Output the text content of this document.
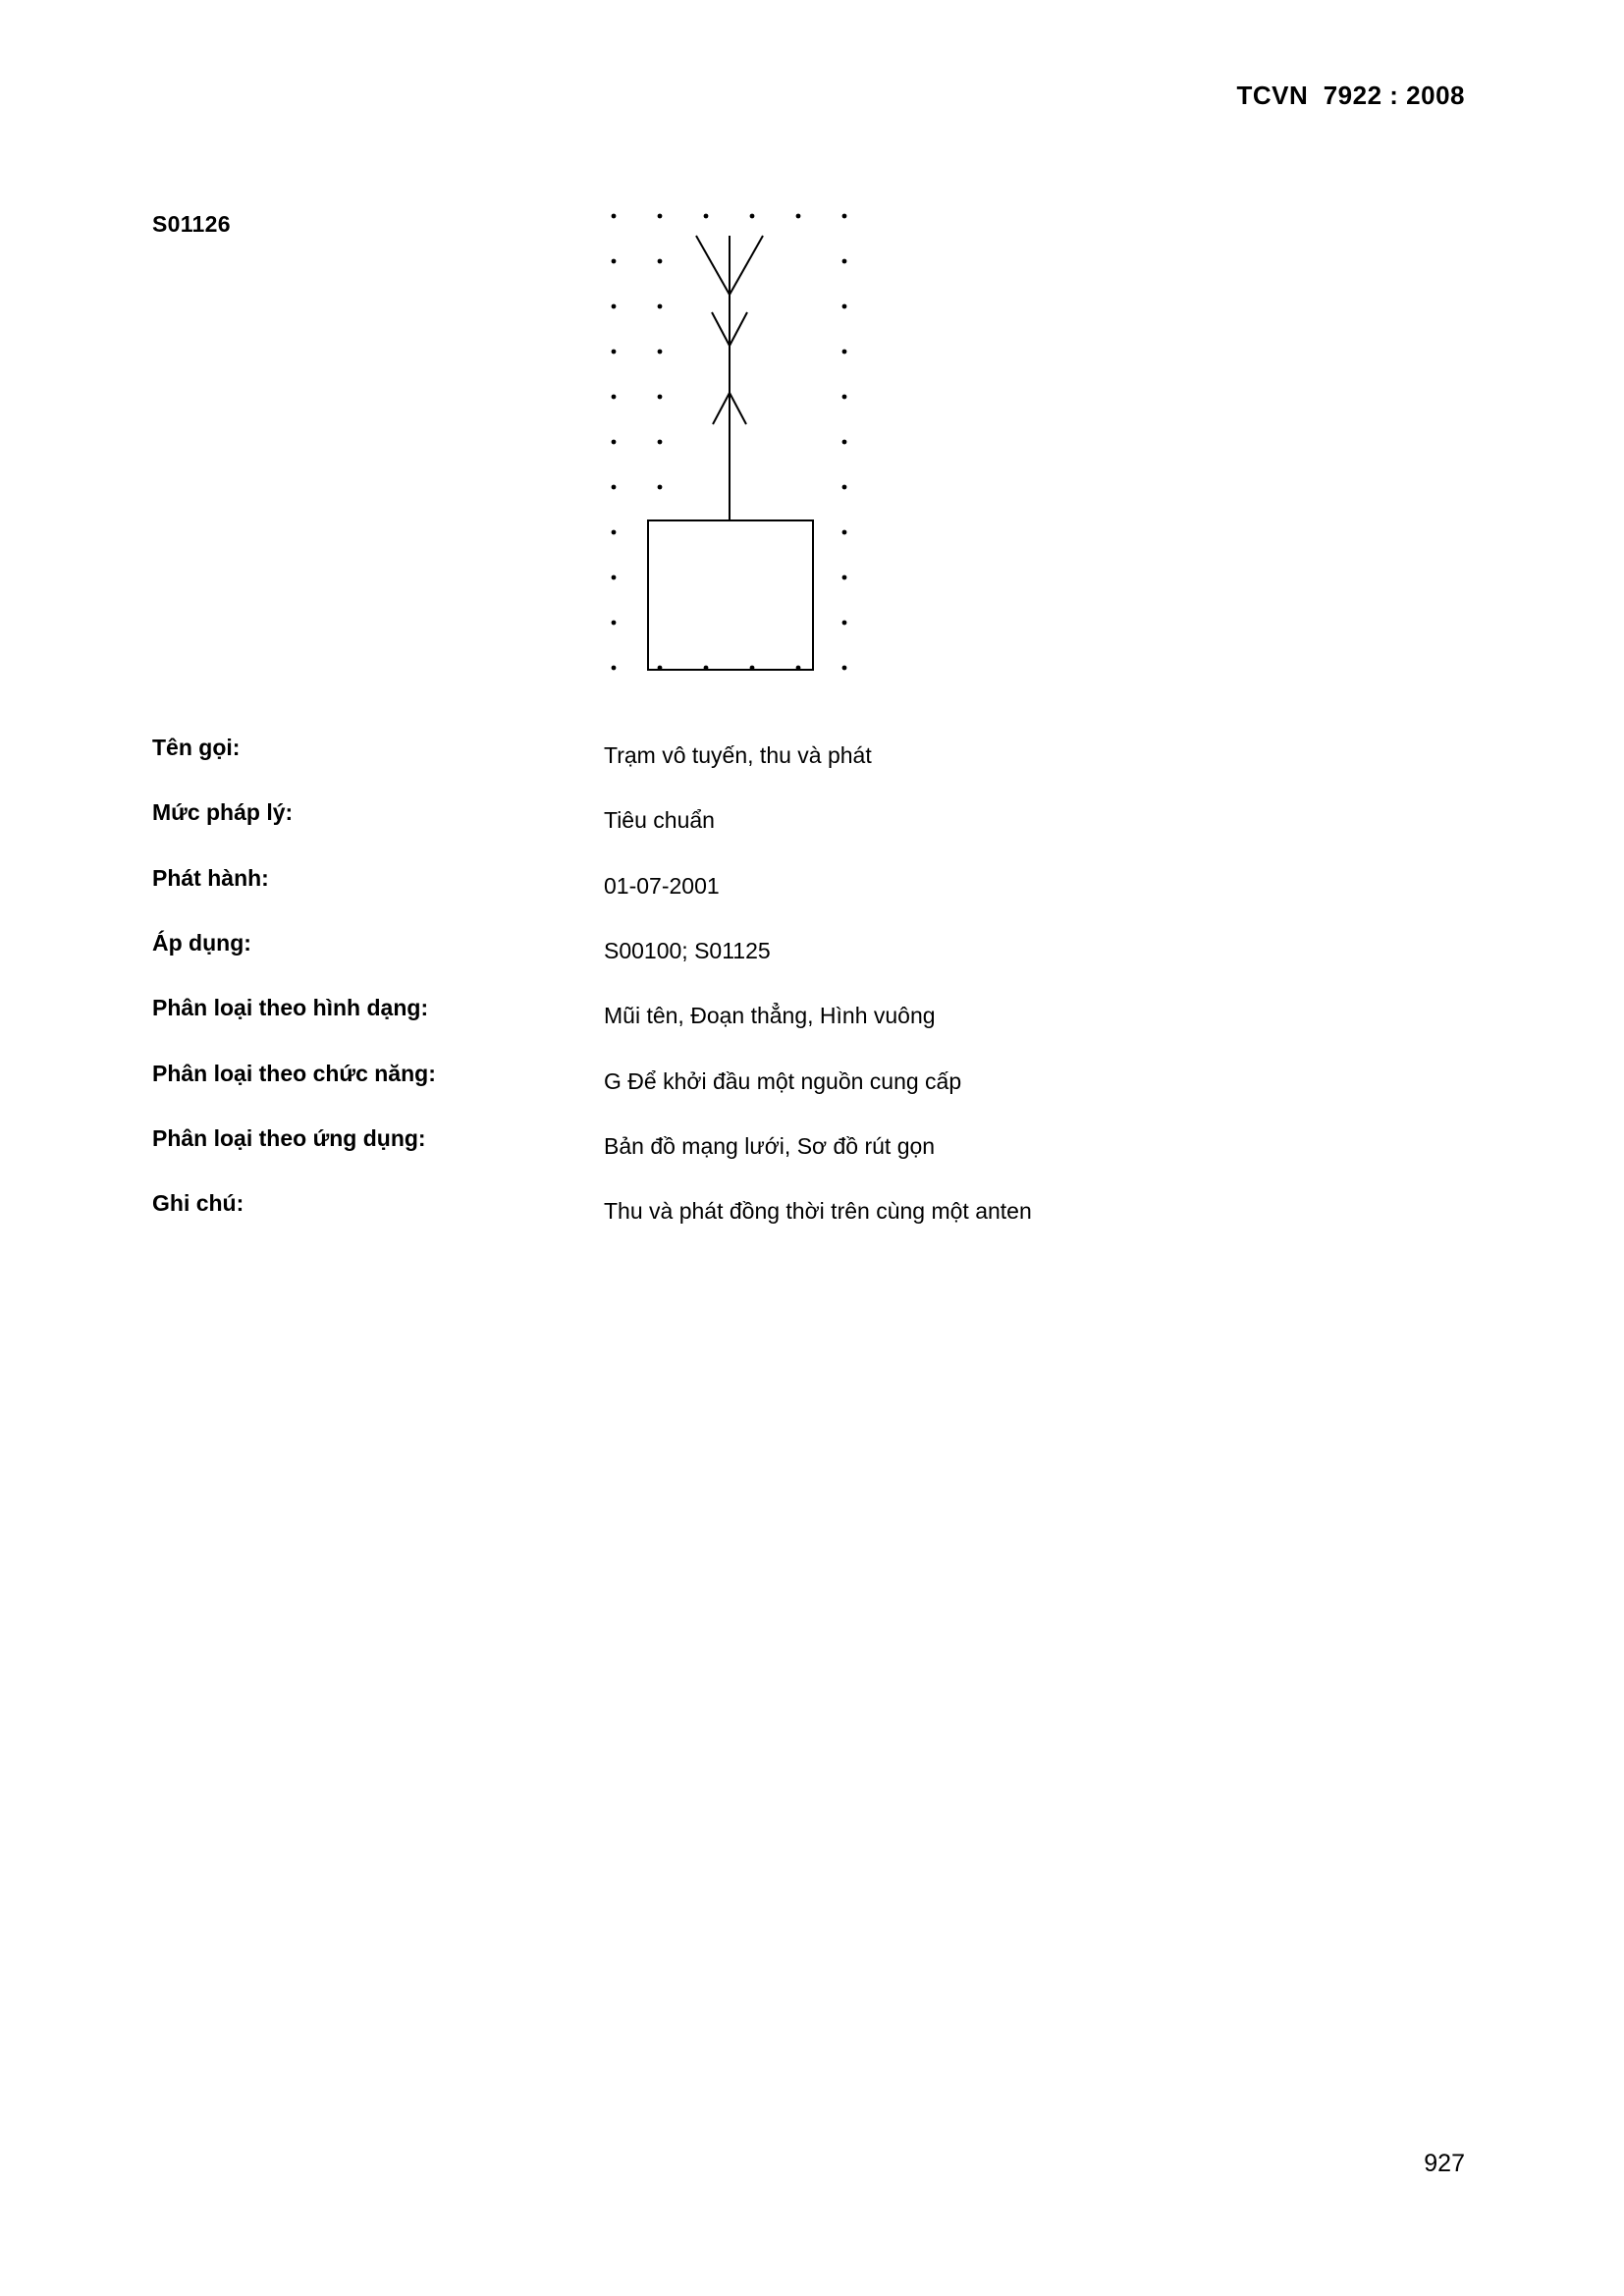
TCVN  7922 : 2008
S01126
Tên gọi:	Trạm vô tuyến, thu và phát
Mức pháp lý:	Tiêu chuẩn
Phát hành:	01-07-2001
Áp dụng:	S00100; S01125
Phân loại theo hình dạng:	Mũi tên, Đoạn thẳng, Hình vuông
Phân loại theo chức năng:	G Để khởi đầu một nguồn cung cấp
Phân loại theo ứng dụng:	Bản đồ mạng lưới, Sơ đồ rút gọn
Ghi chú:	Thu và phát đồng thời trên cùng một anten
927
